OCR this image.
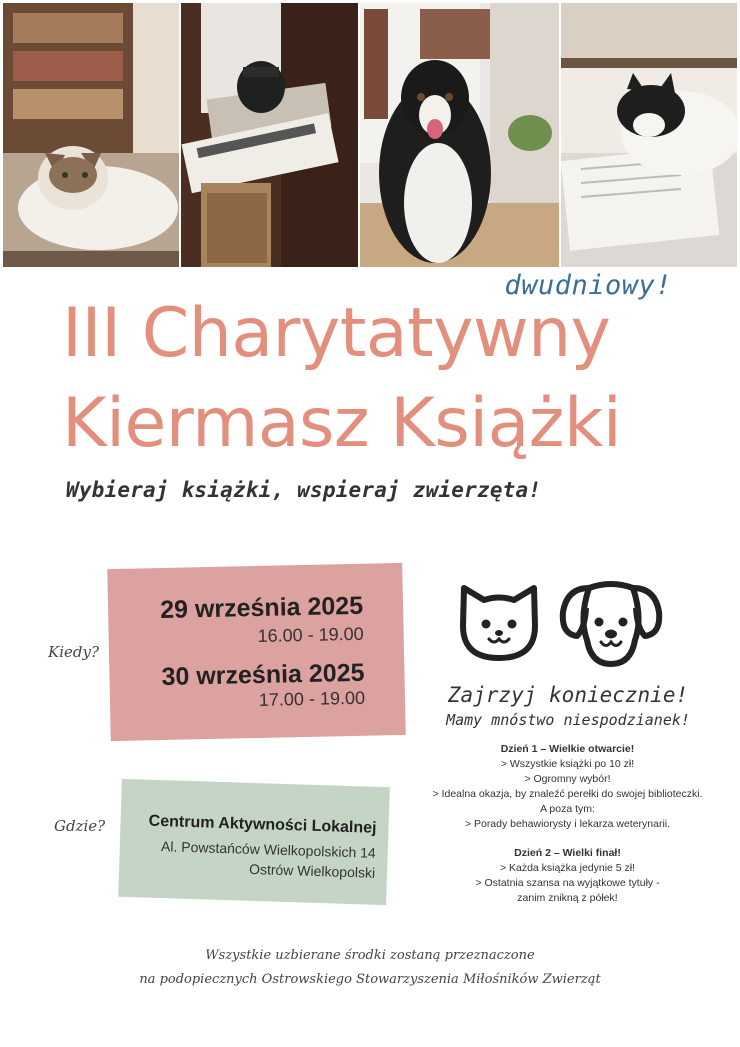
dwudniowy!
III Charytatywny
Kiermasz Książki
Wybieraj książki, wspieraj zwierzęta!
Kiedy?
29 września 2025
16.00 - 19.00
30 września 2025
17.00 - 19.00
Gdzie?	Centrum Aktywności Lokalnej
Al. Powstańców Wielkopolskich 14
Ostrów Wielkopolski
Zajrzyj koniecznie!
Mamy mnóstwo niespodzianek!
Dzień 1 – Wielkie otwarcie!
> Wszystkie książki po 10 zł!
> Ogromny wybór!
> Idealna okazja, by znaleźć perełki do swojej biblioteczki.
A poza tym:
> Porady behawiorysty i lekarza weterynarii.
Dzień 2 – Wielki finał!
> Każda książka jedynie 5 zł!
> Ostatnia szansa na wyjątkowe tytuły -
zanim znikną z półek!
Wszystkie uzbierane środki zostaną przeznaczone
na podopiecznych Ostrowskiego Stowarzyszenia Miłośników Zwierząt
